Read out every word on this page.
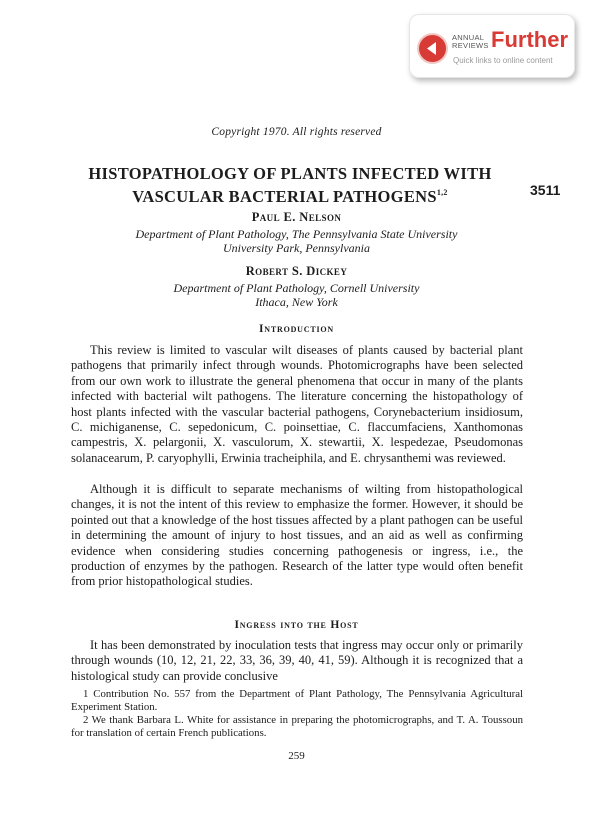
ANNUAL
REVIEWS Further
Quick links to online content
Copyright 1970. All rights reserved
HISTOPATHOLOGY OF PLANTS INFECTED WITH
VASCULAR BACTERIAL PATHOGENS$^{1,2}$	3511
Paul E. Nelson
Department of Plant Pathology, The Pennsylvania State University
University Park, Pennsylvania
Robert S. Dickey
Department of Plant Pathology, Cornell University
Ithaca, New York
Introduction

This review is limited to vascular wilt diseases of plants caused by bacterial plant pathogens that primarily infect through wounds. Photomicrographs have been selected from our own work to illustrate the general phenomena that occur in many of the plants infected with bacterial wilt pathogens. The literature concerning the histopathology of host plants infected with the vascular bacterial pathogens, Corynebacterium insidiosum, C. michiganense, C. sepedonicum, C. poinsettiae, C. flaccumfaciens, Xanthomonas campestris, X. pelargonii, X. vasculorum, X. stewartii, X. lespedezae, Pseudomonas solanacearum, P. caryophylli, Erwinia tracheiphila, and E. chrysanthemi was reviewed.

Although it is difficult to separate mechanisms of wilting from histopathological changes, it is not the intent of this review to emphasize the former. However, it should be pointed out that a knowledge of the host tissues affected by a plant pathogen can be useful in determining the amount of injury to host tissues, and an aid as well as confirming evidence when considering studies concerning pathogenesis or ingress, i.e., the production of enzymes by the pathogen. Research of the latter type would often benefit from prior histopathological studies.

Ingress into the Host

It has been demonstrated by inoculation tests that ingress may occur only or primarily through wounds (10, 12, 21, 22, 33, 36, 39, 40, 41, 59). Although it is recognized that a histological study can provide conclusive

1 Contribution No. 557 from the Department of Plant Pathology, The Pennsylvania Agricultural Experiment Station.

2 We thank Barbara L. White for assistance in preparing the photomicrographs, and T. A. Toussoun for translation of certain French publications.

259
